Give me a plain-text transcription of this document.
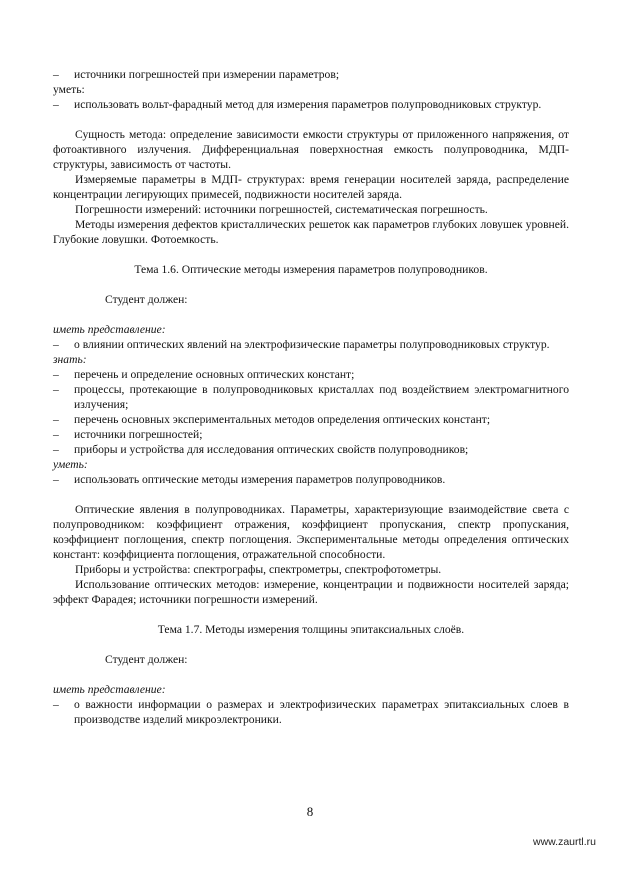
– источники погрешностей при измерении параметров;

уметь:

– использовать вольт-фарадный метод для измерения параметров полупроводниковых структур.

Сущность метода: определение зависимости емкости структуры от приложенного напряжения, от фотоактивного излучения. Дифференциальная поверхностная емкость полупроводника, МДП- структуры, зависимость от частоты.

Измеряемые параметры в МДП- структурах: время генерации носителей заряда, распределение концентрации легирующих примесей, подвижности носителей заряда.

Погрешности измерений: источники погрешностей, систематическая погрешность.

Методы измерения дефектов кристаллических решеток как параметров глубоких ловушек уровней. Глубокие ловушки. Фотоемкость.

Тема 1.6. Оптические методы измерения параметров полупроводников.

Студент должен:

иметь представление:

– о влиянии оптических явлений на электрофизические параметры полупроводниковых структур.

знать:

– перечень и определение основных оптических констант;

– процессы, протекающие в полупроводниковых кристаллах под воздействием электромагнитного излучения;

– перечень основных экспериментальных методов определения оптических констант;

– источники погрешностей;

– приборы и устройства для исследования оптических свойств полупроводников;

уметь:

– использовать оптические методы измерения параметров полупроводников.

Оптические явления в полупроводниках. Параметры, характеризующие взаимодействие света с полупроводником: коэффициент отражения, коэффициент пропускания, спектр пропускания, коэффициент поглощения, спектр поглощения. Экспериментальные методы определения оптических констант: коэффициента поглощения, отражательной способности.

Приборы и устройства: спектрографы, спектрометры, спектрофотометры.

Использование оптических методов: измерение, концентрации и подвижности носителей заряда; эффект Фарадея; источники погрешности измерений.

Тема 1.7. Методы измерения толщины эпитаксиальных слоёв.

Студент должен:

иметь представление:

– о важности информации о размерах и электрофизических параметрах эпитаксиальных слоев в производстве изделий микроэлектроники.

8
www.zaurtl.ru
